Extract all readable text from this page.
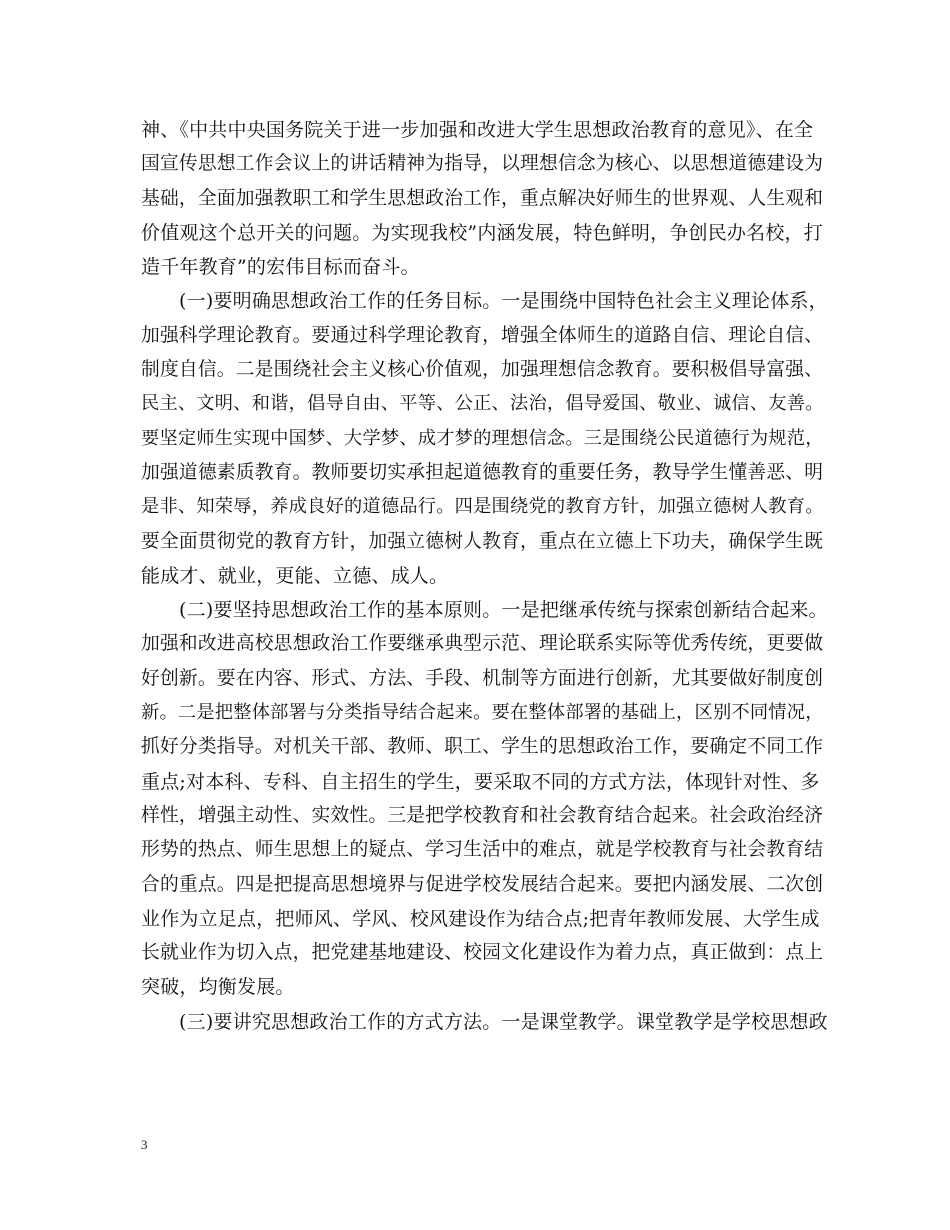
神、《中共中央国务院关于进一步加强和改进大学生思想政治教育的意见》、在全
国宣传思想工作会议上的讲话精神为指导，以理想信念为核心、以思想道德建设为
基础，全面加强教职工和学生思想政治工作，重点解决好师生的世界观、人生观和
价值观这个总开关的问题。为实现我校”内涵发展，特色鲜明，争创民办名校，打
造千年教育”的宏伟目标而奋斗。
(一)要明确思想政治工作的任务目标。一是围绕中国特色社会主义理论体系，
加强科学理论教育。要通过科学理论教育，增强全体师生的道路自信、理论自信、
制度自信。二是围绕社会主义核心价值观，加强理想信念教育。要积极倡导富强、
民主、文明、和谐，倡导自由、平等、公正、法治，倡导爱国、敬业、诚信、友善。
要坚定师生实现中国梦、大学梦、成才梦的理想信念。三是围绕公民道德行为规范，
加强道德素质教育。教师要切实承担起道德教育的重要任务，教导学生懂善恶、明
是非、知荣辱，养成良好的道德品行。四是围绕党的教育方针，加强立德树人教育。
要全面贯彻党的教育方针，加强立德树人教育，重点在立德上下功夫，确保学生既
能成才、就业，更能、立德、成人。
(二)要坚持思想政治工作的基本原则。一是把继承传统与探索创新结合起来。
加强和改进高校思想政治工作要继承典型示范、理论联系实际等优秀传统，更要做
好创新。要在内容、形式、方法、手段、机制等方面进行创新，尤其要做好制度创
新。二是把整体部署与分类指导结合起来。要在整体部署的基础上，区别不同情况，
抓好分类指导。对机关干部、教师、职工、学生的思想政治工作，要确定不同工作
重点;对本科、专科、自主招生的学生，要采取不同的方式方法，体现针对性、多
样性，增强主动性、实效性。三是把学校教育和社会教育结合起来。社会政治经济
形势的热点、师生思想上的疑点、学习生活中的难点，就是学校教育与社会教育结
合的重点。四是把提高思想境界与促进学校发展结合起来。要把内涵发展、二次创
业作为立足点，把师风、学风、校风建设作为结合点;把青年教师发展、大学生成
长就业作为切入点，把党建基地建设、校园文化建设作为着力点，真正做到：点上
突破，均衡发展。
(三)要讲究思想政治工作的方式方法。一是课堂教学。课堂教学是学校思想政
3
